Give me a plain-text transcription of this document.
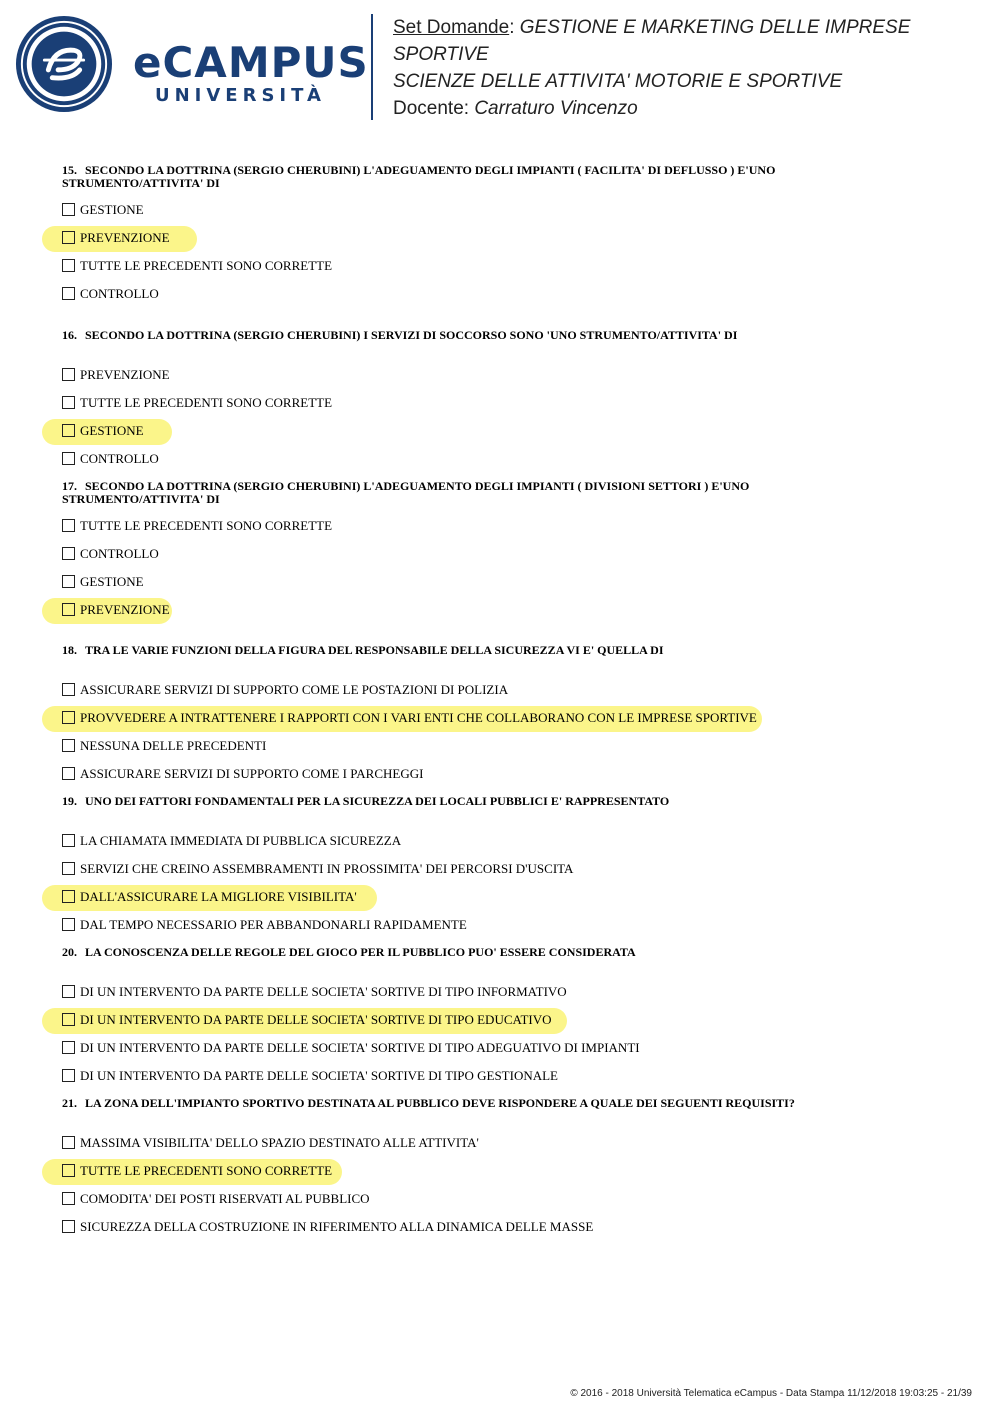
eCAMPUS
UNIVERSITÀ
Set Domande: GESTIONE E MARKETING DELLE IMPRESE SPORTIVE
SCIENZE DELLE ATTIVITA' MOTORIE E SPORTIVE
Docente: Carraturo Vincenzo
15. SECONDO LA DOTTRINA (SERGIO CHERUBINI) L'ADEGUAMENTO DEGLI IMPIANTI ( FACILITA' DI DEFLUSSO ) E'UNO STRUMENTO/ATTIVITA' DI
GESTIONE
PREVENZIONE
TUTTE LE PRECEDENTI SONO CORRETTE
CONTROLLO
16. SECONDO LA DOTTRINA (SERGIO CHERUBINI) I SERVIZI DI SOCCORSO SONO 'UNO STRUMENTO/ATTIVITA' DI
PREVENZIONE
TUTTE LE PRECEDENTI SONO CORRETTE
GESTIONE
CONTROLLO
17. SECONDO LA DOTTRINA (SERGIO CHERUBINI) L'ADEGUAMENTO DEGLI IMPIANTI ( DIVISIONI SETTORI ) E'UNO STRUMENTO/ATTIVITA' DI
TUTTE LE PRECEDENTI SONO CORRETTE
CONTROLLO
GESTIONE
PREVENZIONE
18. TRA LE VARIE FUNZIONI DELLA FIGURA DEL RESPONSABILE DELLA SICUREZZA VI E' QUELLA DI
ASSICURARE SERVIZI DI SUPPORTO COME LE POSTAZIONI DI POLIZIA
PROVVEDERE A INTRATTENERE I RAPPORTI CON I VARI ENTI CHE COLLABORANO CON LE IMPRESE SPORTIVE
NESSUNA DELLE PRECEDENTI
ASSICURARE SERVIZI DI SUPPORTO COME I PARCHEGGI
19. UNO DEI FATTORI FONDAMENTALI PER LA SICUREZZA DEI LOCALI PUBBLICI E' RAPPRESENTATO
LA CHIAMATA IMMEDIATA DI PUBBLICA SICUREZZA
SERVIZI CHE CREINO ASSEMBRAMENTI IN PROSSIMITA' DEI PERCORSI D'USCITA
DALL'ASSICURARE LA MIGLIORE VISIBILITA'
DAL TEMPO NECESSARIO PER ABBANDONARLI RAPIDAMENTE
20. LA CONOSCENZA DELLE REGOLE DEL GIOCO PER IL PUBBLICO PUO' ESSERE CONSIDERATA
DI UN INTERVENTO DA PARTE DELLE SOCIETA' SORTIVE DI TIPO INFORMATIVO
DI UN INTERVENTO DA PARTE DELLE SOCIETA' SORTIVE DI TIPO EDUCATIVO
DI UN INTERVENTO DA PARTE DELLE SOCIETA' SORTIVE DI TIPO ADEGUATIVO DI IMPIANTI
DI UN INTERVENTO DA PARTE DELLE SOCIETA' SORTIVE DI TIPO GESTIONALE
21. LA ZONA DELL'IMPIANTO SPORTIVO DESTINATA AL PUBBLICO DEVE RISPONDERE A QUALE DEI SEGUENTI REQUISITI?
MASSIMA VISIBILITA' DELLO SPAZIO DESTINATO ALLE ATTIVITA'
TUTTE LE PRECEDENTI SONO CORRETTE
COMODITA' DEI POSTI RISERVATI AL PUBBLICO
SICUREZZA DELLA COSTRUZIONE IN RIFERIMENTO ALLA DINAMICA DELLE MASSE
© 2016 - 2018 Università Telematica eCampus - Data Stampa 11/12/2018 19:03:25 - 21/39
